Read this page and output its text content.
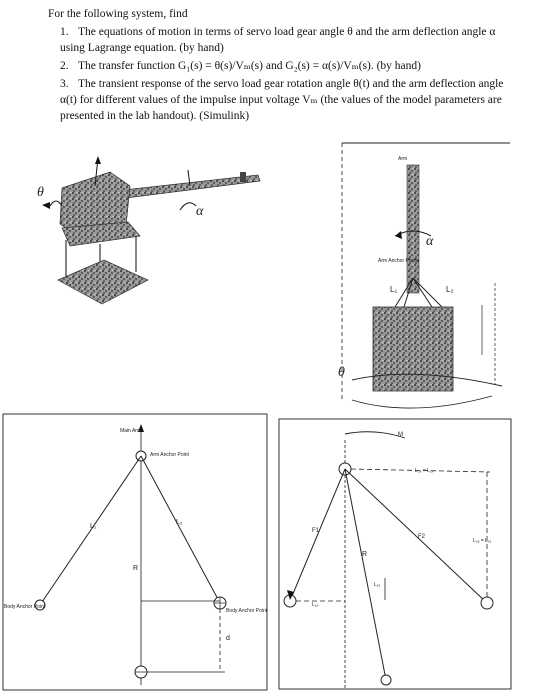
For the following system, find
1. The equations of motion in terms of servo load gear angle θ and the arm deflection angle α using Lagrange equation. (by hand)
2. The transfer function G₁(s) = θ(s)/Vₘ(s) and G₂(s) = α(s)/Vₘ(s). (by hand)
3. The transient response of the servo load gear rotation angle θ(t) and the arm deflection angle α(t) for different values of the impulse input voltage Vₘ (the values of the model parameters are presented in the lab handout). (Simulink)
θ
α
Arm
α
Arm Anchor Points
L₁	L₂
θ
Main Arm
Arm Anchor Point
L₁
L₂
R
d
Body Anchor Point
Body Anchor Point
M
F1
F2
R
L₂ₓ = L₁ₓ
L₁ₓ
L₂ᵧ = L₁ᵧ
L₁ᵧ
